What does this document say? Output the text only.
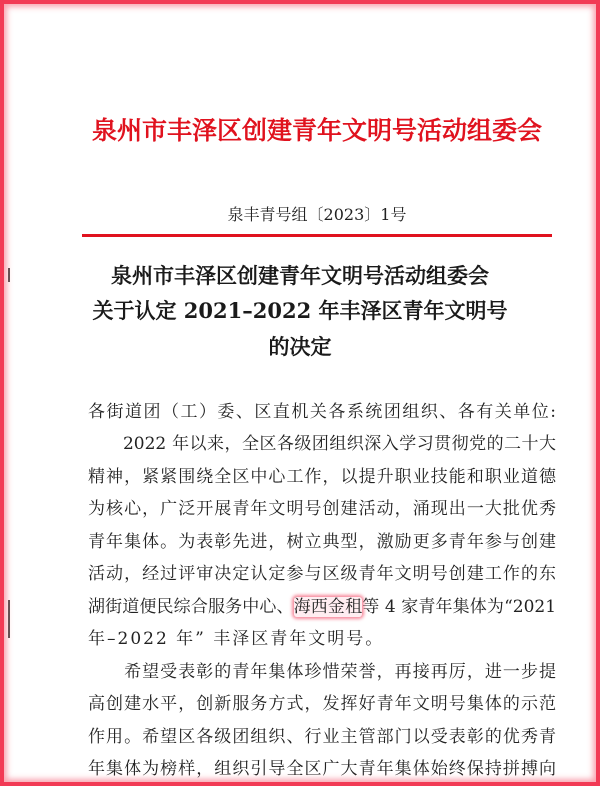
泉州市丰泽区创建青年文明号活动组委会
泉丰青号组〔2023〕1号
泉州市丰泽区创建青年文明号活动组委会
关于认定 2021–2022 年丰泽区青年文明号
的决定
各街道团（工）委、区直机关各系统团组织、各有关单位:
　　2022 年以来，全区各级团组织深入学习贯彻党的二十大
精神，紧紧围绕全区中心工作，以提升职业技能和职业道德
为核心，广泛开展青年文明号创建活动，涌现出一大批优秀
青年集体。为表彰先进，树立典型，激励更多青年参与创建
活动，经过评审决定认定参与区级青年文明号创建工作的东
湖街道便民综合服务中心、海西金租等 4 家青年集体为“2021
年–2022 年” 丰泽区青年文明号。
　　希望受表彰的青年集体珍惜荣誉，再接再厉，进一步提
高创建水平，创新服务方式，发挥好青年文明号集体的示范
作用。希望区各级团组织、行业主管部门以受表彰的优秀青
年集体为榜样，组织引导全区广大青年集体始终保持拼搏向
